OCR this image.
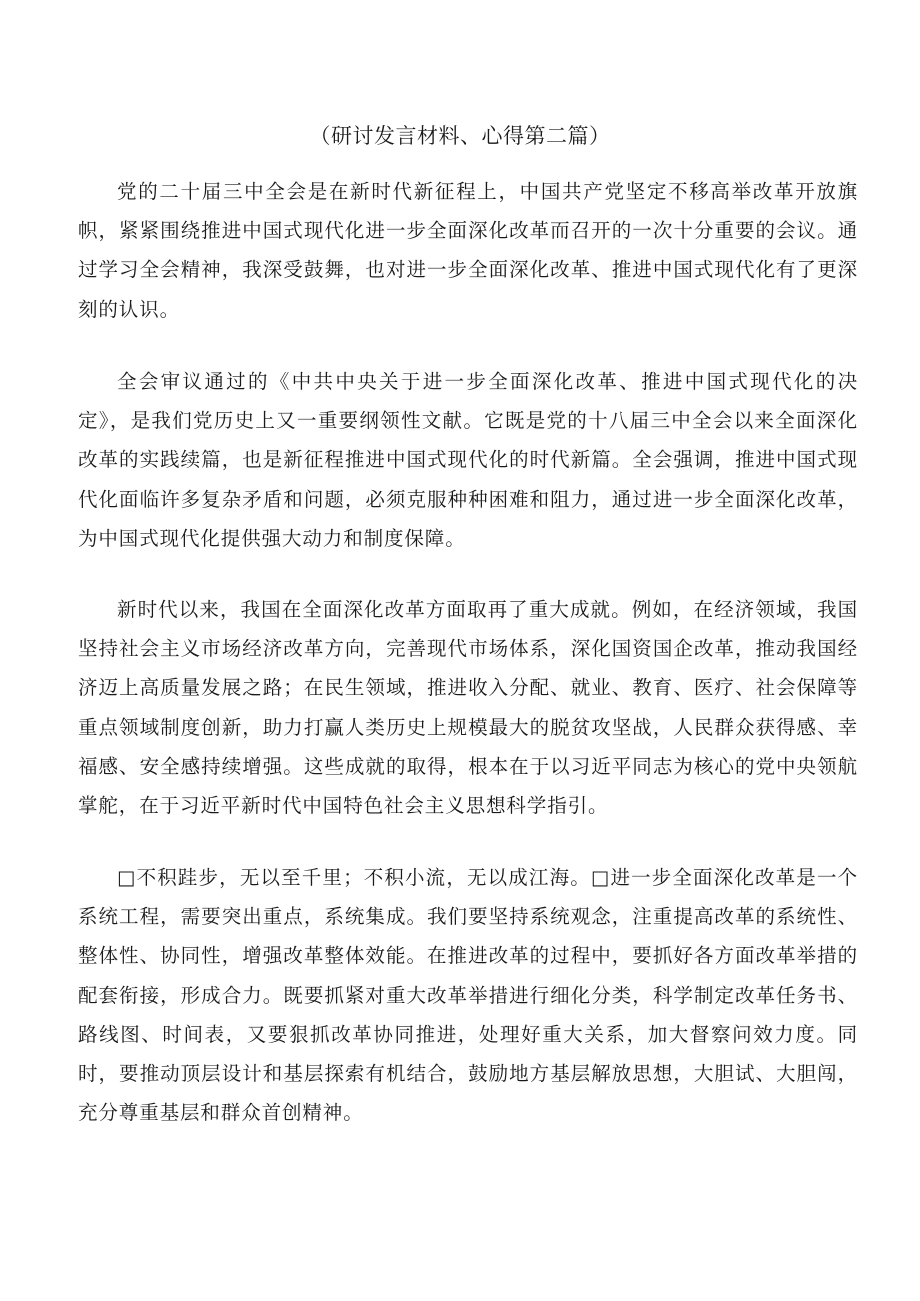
（研讨发言材料、心得第二篇）

党的二十届三中全会是在新时代新征程上，中国共产党坚定不移高举改革开放旗帜，紧紧围绕推进中国式现代化进一步全面深化改革而召开的一次十分重要的会议。通过学习全会精神，我深受鼓舞，也对进一步全面深化改革、推进中国式现代化有了更深刻的认识。

全会审议通过的《中共中央关于进一步全面深化改革、推进中国式现代化的决定》，是我们党历史上又一重要纲领性文献。它既是党的十八届三中全会以来全面深化改革的实践续篇，也是新征程推进中国式现代化的时代新篇。全会强调，推进中国式现代化面临许多复杂矛盾和问题，必须克服种种困难和阻力，通过进一步全面深化改革，为中国式现代化提供强大动力和制度保障。

新时代以来，我国在全面深化改革方面取再了重大成就。例如，在经济领域，我国坚持社会主义市场经济改革方向，完善现代市场体系，深化国资国企改革，推动我国经济迈上高质量发展之路；在民生领域，推进收入分配、就业、教育、医疗、社会保障等重点领域制度创新，助力打赢人类历史上规模最大的脱贫攻坚战，人民群众获得感、幸福感、安全感持续增强。这些成就的取得，根本在于以习近平同志为核心的党中央领航掌舵，在于习近平新时代中国特色社会主义思想科学指引。

□不积跬步，无以至千里；不积小流，无以成江海。□进一步全面深化改革是一个系统工程，需要突出重点，系统集成。我们要坚持系统观念，注重提高改革的系统性、整体性、协同性，增强改革整体效能。在推进改革的过程中，要抓好各方面改革举措的配套衔接，形成合力。既要抓紧对重大改革举措进行细化分类，科学制定改革任务书、路线图、时间表，又要狠抓改革协同推进，处理好重大关系，加大督察问效力度。同时，要推动顶层设计和基层探索有机结合，鼓励地方基层解放思想，大胆试、大胆闯，充分尊重基层和群众首创精神。
